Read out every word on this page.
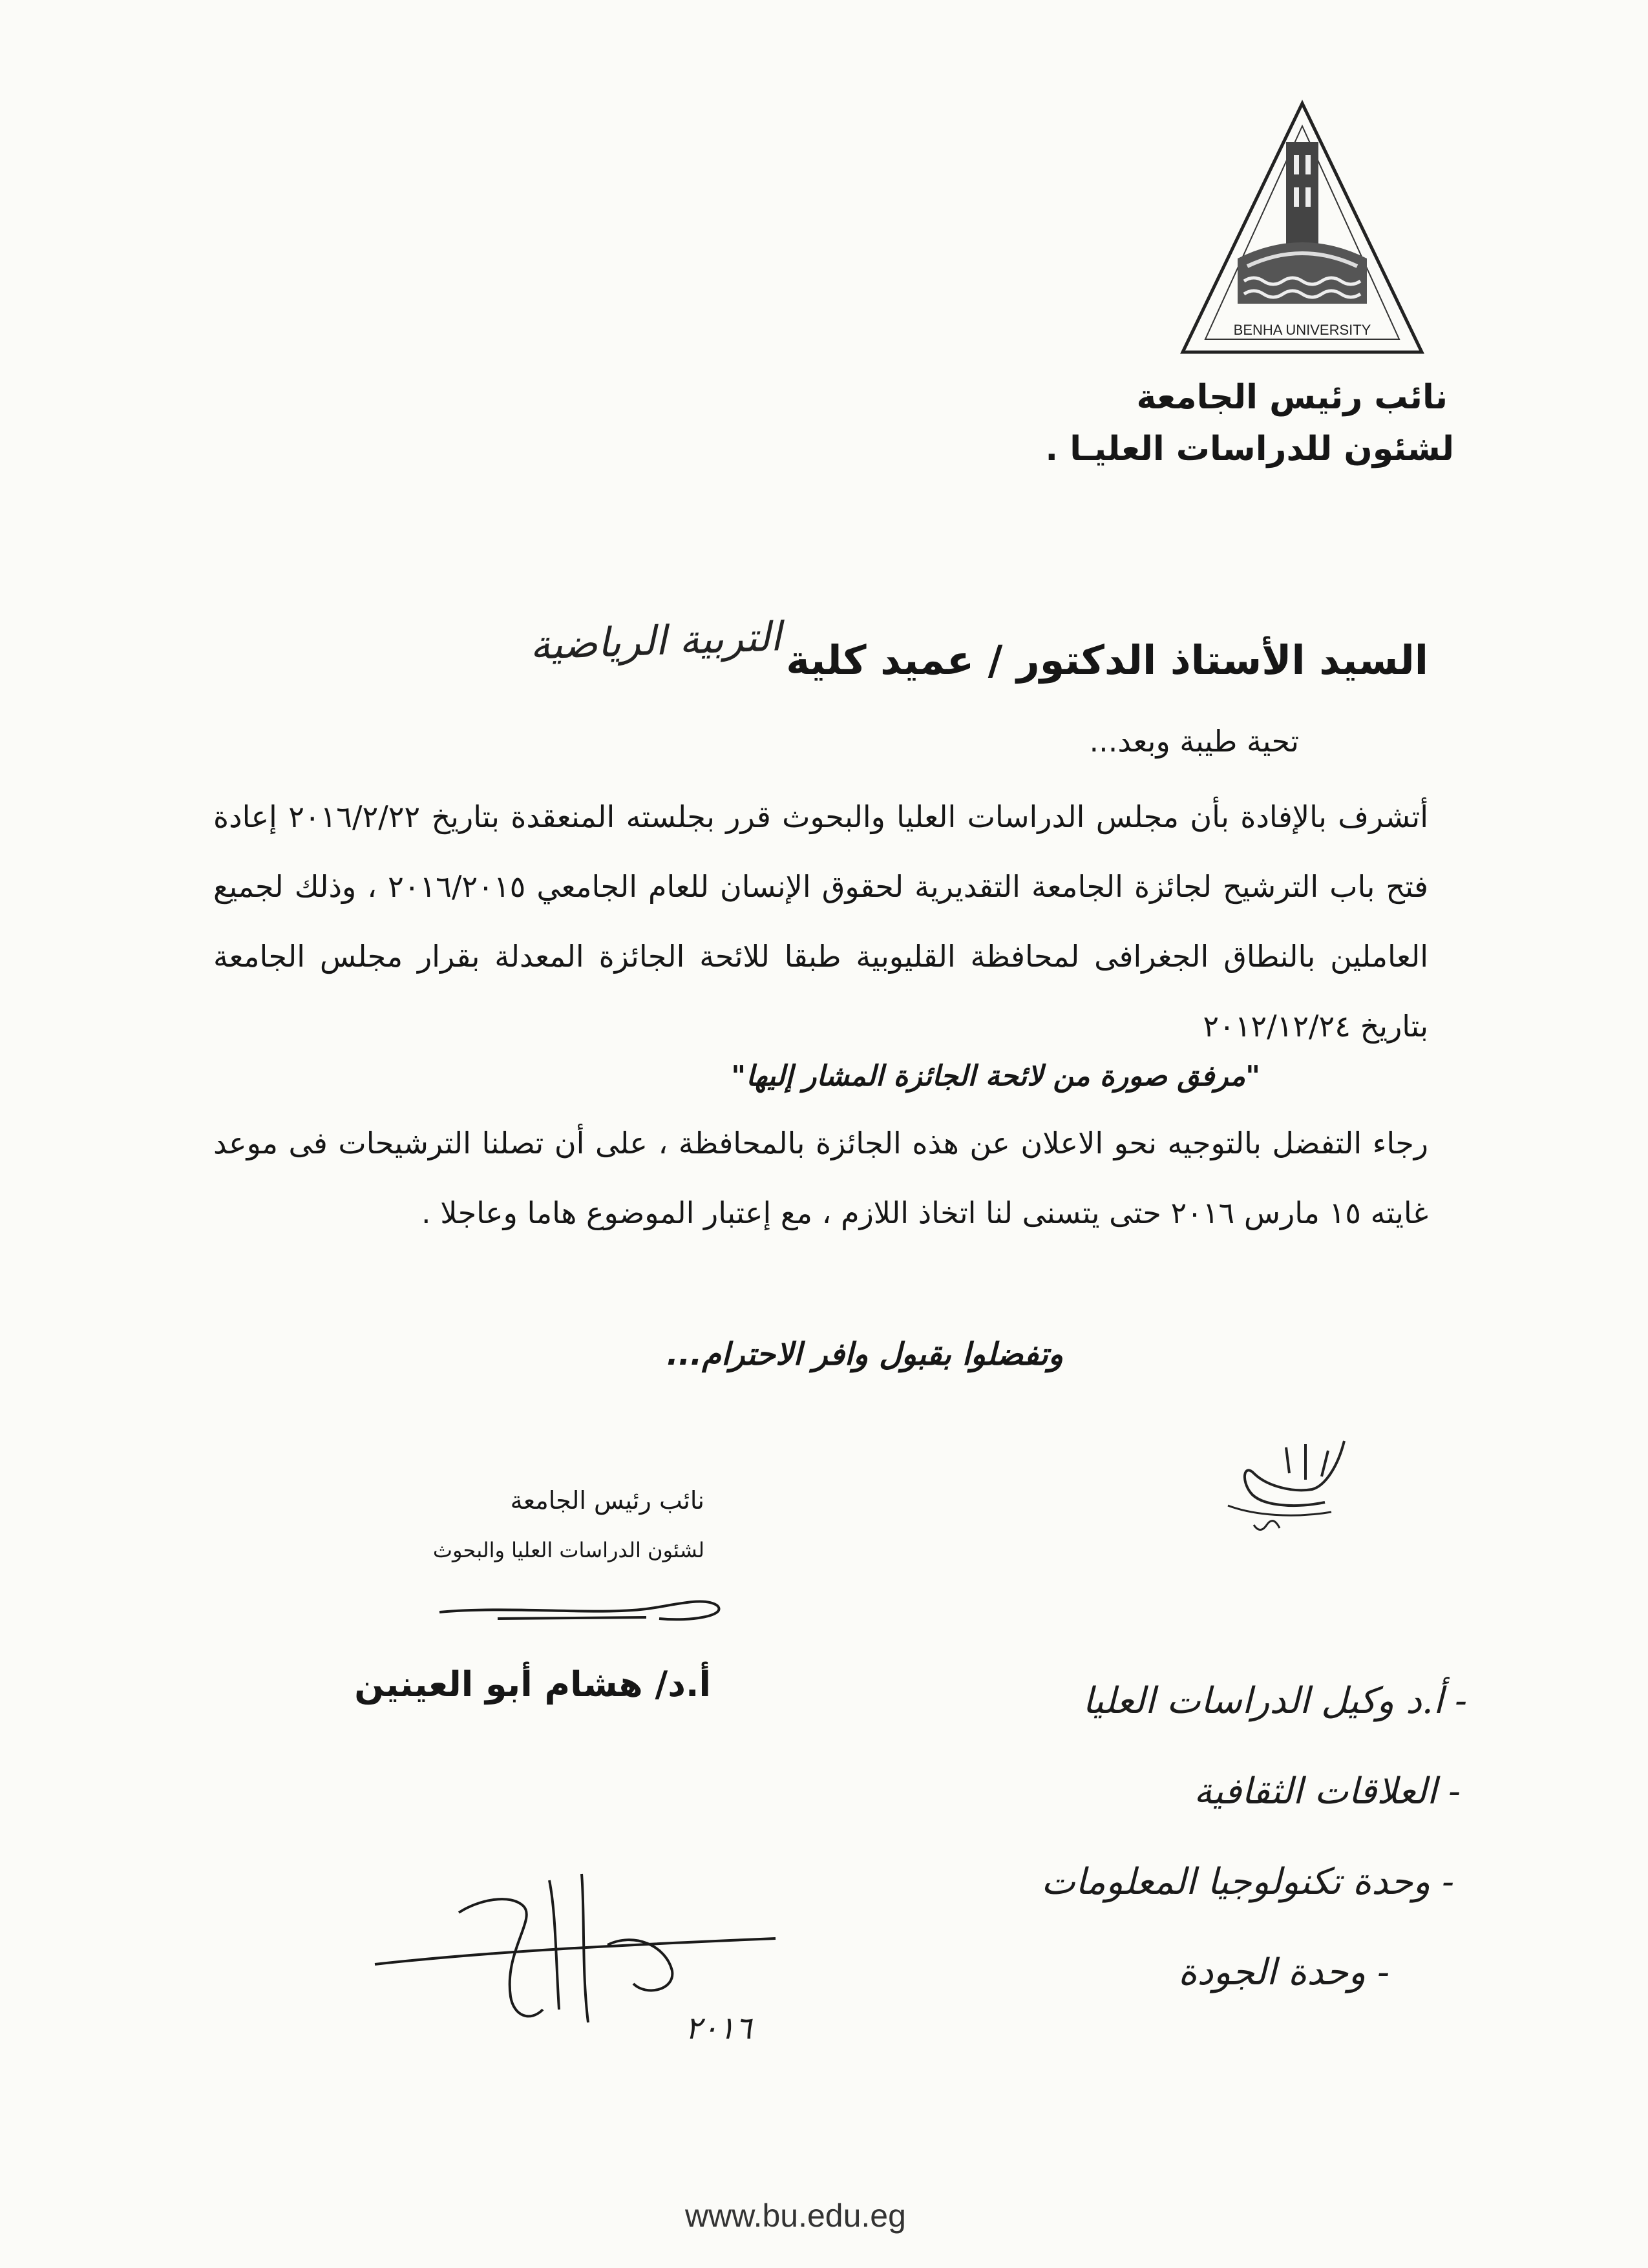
BENHA UNIVERSITY
نائب رئيس الجامعة
لشئون للدراسات العليـا .
السيد الأستاذ الدكتور / عميد كلية
التربية الرياضية
تحية طيبة وبعد...
أتشرف بالإفادة بأن مجلس الدراسات العليا والبحوث قرر بجلسته المنعقدة بتاريخ ٢٠١٦/٢/٢٢ إعادة فتح باب الترشيح لجائزة الجامعة التقديرية لحقوق الإنسان للعام الجامعي ٢٠١٦/٢٠١٥ ، وذلك لجميع العاملين بالنطاق الجغرافى لمحافظة القليوبية طبقا للائحة الجائزة المعدلة بقرار مجلس الجامعة بتاريخ ٢٠١٢/١٢/٢٤
"مرفق صورة من لائحة الجائزة المشار إليها"
رجاء التفضل بالتوجيه نحو الاعلان عن هذه الجائزة بالمحافظة ، على أن تصلنا الترشيحات فى موعد غايته ١٥ مارس ٢٠١٦ حتى يتسنى لنا اتخاذ اللازم ، مع إعتبار الموضوع هاما وعاجلا .
وتفضلوا بقبول وافر الاحترام...
نائب رئيس الجامعة
لشئون الدراسات العليا والبحوث
أ.د/ هشام أبو العينين	- أ.د وكيل الدراسات العليا
- العلاقات الثقافية
- وحدة تكنولوجيا المعلومات
- وحدة الجودة
٢٠١٦
www.bu.edu.eg
